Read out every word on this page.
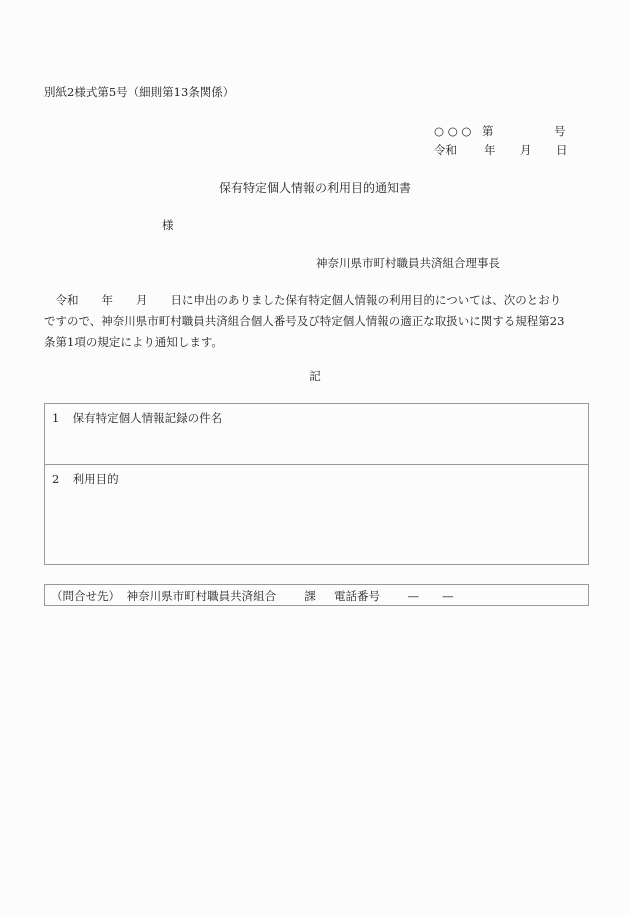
別紙2様式第5号（細則第13条関係）
○ ○ ○ 第	号
令和	年	月	日
保有特定個人情報の利用目的通知書
様
神奈川県市町村職員共済組合理事長
　令和　　年　　月　　日に申出のありました保有特定個人情報の利用目的については、次のとおり
ですので、神奈川県市町村職員共済組合個人番号及び特定個人情報の適正な取扱いに関する規程第23
条第1項の規定により通知します。
記
1 保有特定個人情報記録の件名
2 利用目的
（問合せ先） 神奈川県市町村職員共済組合 課 電話番号 —　　—
